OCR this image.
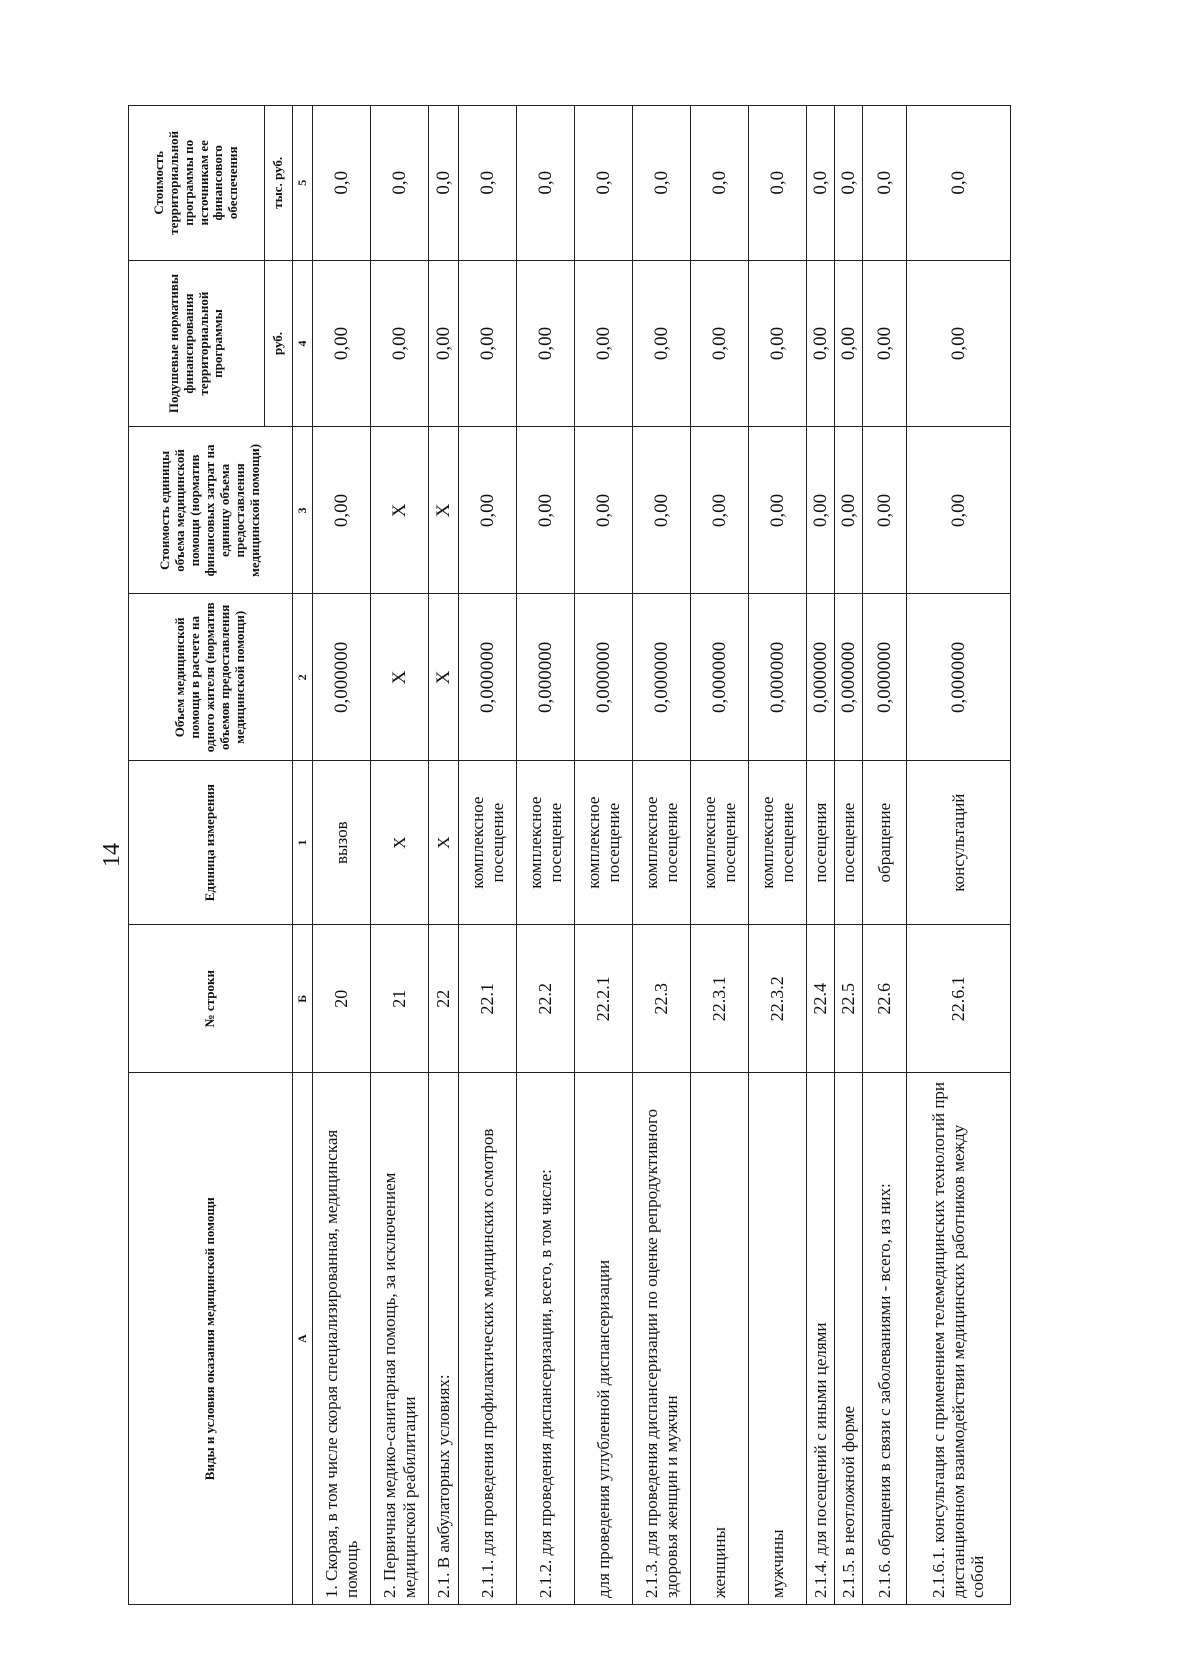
14
Виды и условия оказания медицинской помощи	№ строки	Единица измерения	Объем медицинской помощи в расчете на одного жителя (норматив объемов предоставления медицинской помощи)	Стоимость единицы объема медицинской помощи (норматив финансовых затрат на единицу объема предоставления медицинской помощи)	Подушевые нормативы финансирования территориальной программы	Стоимость территориальной программы по источникам ее финансового обеспечения
					руб.	тыс. руб.
А	Б	1	2	3	4	5
1. Скорая, в том числе скорая специализированная, медицинская помощь	20	вызов	0,000000	0,00	0,00	0,0
2. Первичная медико-санитарная помощь, за исключением медицинской реабилитации	21	Х	Х	Х	0,00	0,0
2.1. В амбулаторных условиях:	22	Х	Х	Х	0,00	0,0
2.1.1. для проведения профилактических медицинских осмотров	22.1	комплексное посещение	0,000000	0,00	0,00	0,0
2.1.2. для проведения диспансеризации, всего, в том числе:	22.2	комплексное посещение	0,000000	0,00	0,00	0,0
для проведения углубленной диспансеризации	22.2.1	комплексное посещение	0,000000	0,00	0,00	0,0
2.1.3. для проведения диспансеризации по оценке репродуктивного здоровья женщин и мужчин	22.3	комплексное посещение	0,000000	0,00	0,00	0,0
женщины	22.3.1	комплексное посещение	0,000000	0,00	0,00	0,0
мужчины	22.3.2	комплексное посещение	0,000000	0,00	0,00	0,0
2.1.4. для посещений с иными целями	22.4	посещения	0,000000	0,00	0,00	0,0
2.1.5. в неотложной форме	22.5	посещение	0,000000	0,00	0,00	0,0
2.1.6. обращения в связи с заболеваниями - всего, из них:	22.6	обращение	0,000000	0,00	0,00	0,0
2.1.6.1. консультация с применением телемедицинских технологий при дистанционном взаимодействии медицинских работников между собой	22.6.1	консультаций	0,000000	0,00	0,00	0,0
